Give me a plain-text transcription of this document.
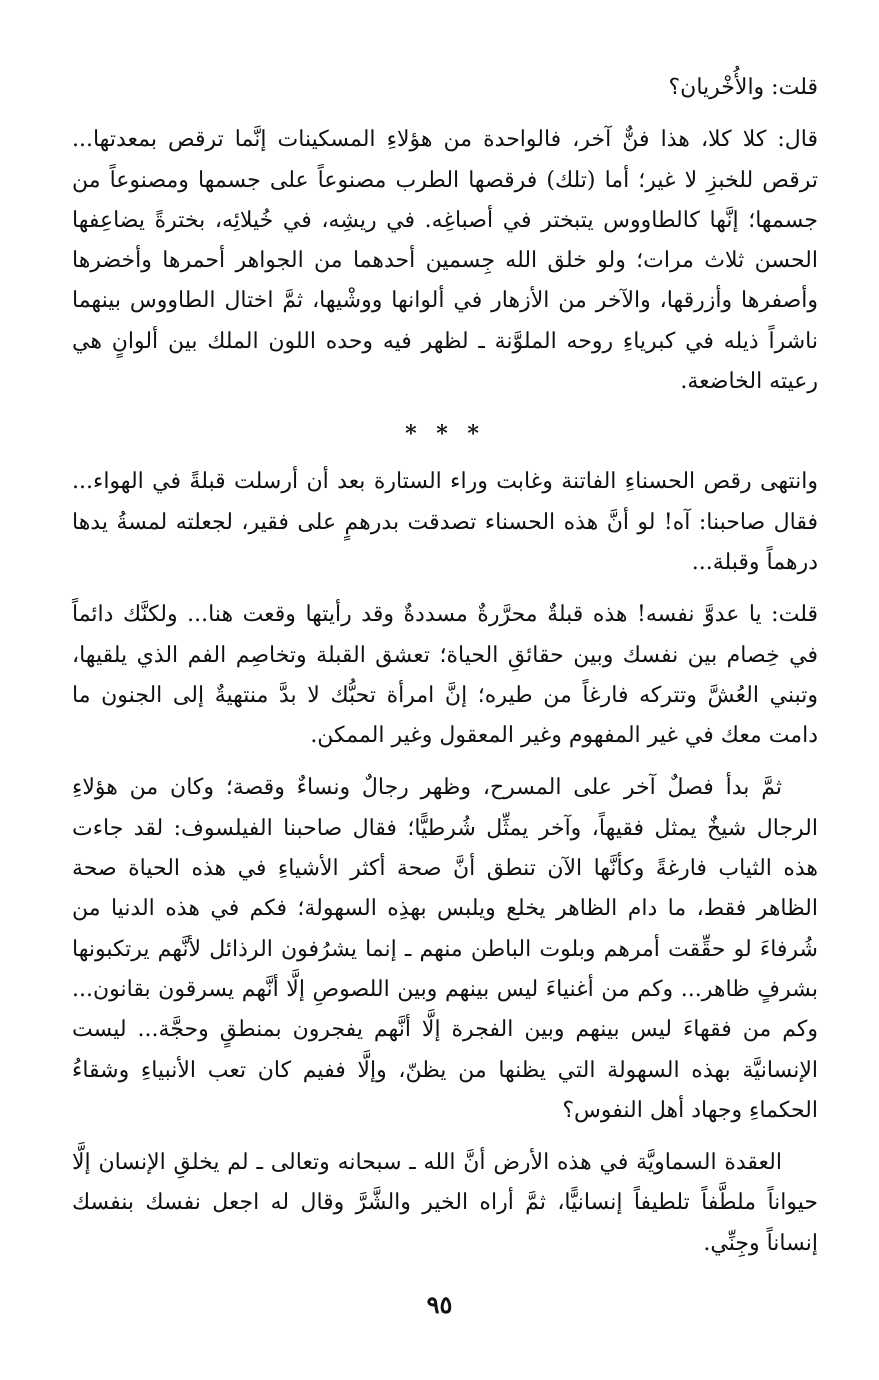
قلت: والأُخْريان؟

قال: كلا كلا، هذا فنٌّ آخر، فالواحدة من هؤلاءِ المسكينات إنَّما ترقص بمعدتها... ترقص للخبزِ لا غير؛ أما (تلك) فرقصها الطرب مصنوعاً على جسمها ومصنوعاً من جسمها؛ إنَّها كالطاووس يتبختر في أصباغِه. في ريشِه، في خُيلائِه، بخترةً يضاعِفها الحسن ثلاث مرات؛ ولو خلق الله جِسمين أحدهما من الجواهر أحمرها وأخضرها وأصفرها وأزرقها، والآخر من الأزهار في ألوانها ووشْيها، ثمَّ اختال الطاووس بينهما ناشراً ذيله في كبرياءِ روحه الملوَّنة ـ لظهر فيه وحده اللون الملك بين ألوانٍ هي رعيته الخاضعة.

* * *

وانتهى رقص الحسناءِ الفاتنة وغابت وراء الستارة بعد أن أرسلت قبلةً في الهواء... فقال صاحبنا: آه! لو أنَّ هذه الحسناء تصدقت بدرهمٍ على فقير، لجعلته لمسةُ يدها درهماً وقبلة...

قلت: يا عدوَّ نفسه! هذه قبلةٌ محرَّرةٌ مسددةٌ وقد رأيتها وقعت هنا... ولكنَّك دائماً في خِصام بين نفسك وبين حقائقِ الحياة؛ تعشق القبلة وتخاصِم الفم الذي يلقيها، وتبني العُشَّ وتتركه فارغاً من طيره؛ إنَّ امرأة تحبُّك لا بدَّ منتهيةٌ إلى الجنون ما دامت معك في غير المفهوم وغير المعقول وغير الممكن.

ثمَّ بدأ فصلٌ آخر على المسرح، وظهر رجالٌ ونساءٌ وقصة؛ وكان من هؤلاءِ الرجال شيخٌ يمثل فقيهاً، وآخر يمثِّل شُرطيًّا؛ فقال صاحبنا الفيلسوف: لقد جاءت هذه الثياب فارغةً وكأنَّها الآن تنطق أنَّ صحة أكثر الأشياءِ في هذه الحياة صحة الظاهر فقط، ما دام الظاهر يخلع ويلبس بهذِه السهولة؛ فكم في هذه الدنيا من شُرفاءَ لو حقِّقت أمرهم وبلوت الباطن منهم ـ إنما يشرُفون الرذائل لأنَّهم يرتكبونها بشرفٍ ظاهر... وكم من أغنياءَ ليس بينهم وبين اللصوصِ إلَّا أنَّهم يسرقون بقانون... وكم من فقهاءَ ليس بينهم وبين الفجرة إلَّا أنَّهم يفجرون بمنطقٍ وحجَّة... ليست الإنسانيَّة بهذه السهولة التي يظنها من يظنّ، وإلَّا ففيم كان تعب الأنبياءِ وشقاءُ الحكماءِ وجهاد أهل النفوس؟

العقدة السماويَّة في هذه الأرض أنَّ الله ـ سبحانه وتعالى ـ لم يخلقِ الإنسان إلَّا حيواناً ملطَّفاً تلطيفاً إنسانيًّا، ثمَّ أراه الخير والشَّرَّ وقال له اجعل نفسك بنفسك إنساناً وجِنِّي.

٩٥
